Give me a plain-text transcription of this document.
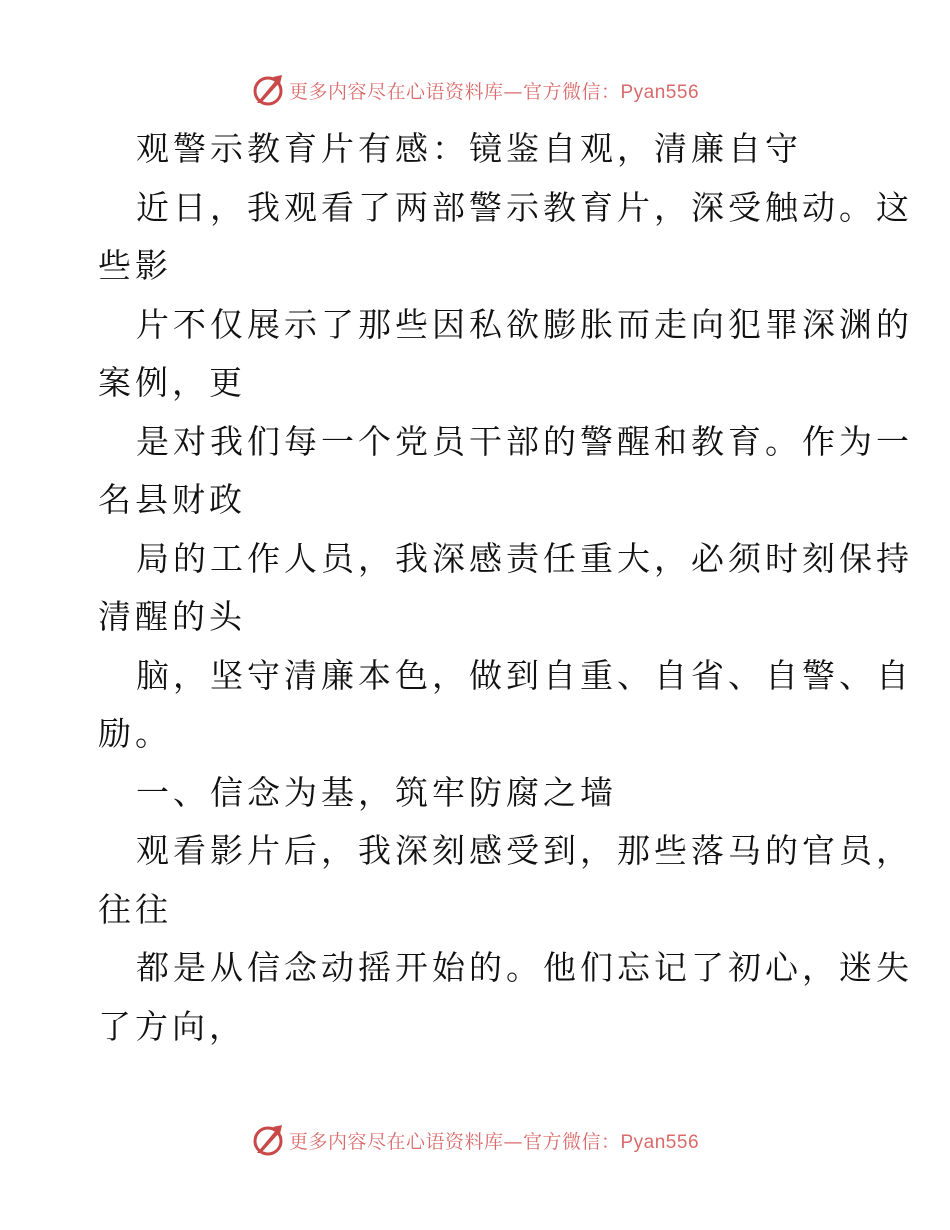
更多内容尽在心语资料库—官方微信：Pyan556
观警示教育片有感：镜鉴自观，清廉自守
近日，我观看了两部警示教育片，深受触动。这
些影
片不仅展示了那些因私欲膨胀而走向犯罪深渊的
案例，更
是对我们每一个党员干部的警醒和教育。作为一
名县财政
局的工作人员，我深感责任重大，必须时刻保持
清醒的头
脑，坚守清廉本色，做到自重、自省、自警、自
励。
一、信念为基，筑牢防腐之墙
观看影片后，我深刻感受到，那些落马的官员，
往往
都是从信念动摇开始的。他们忘记了初心，迷失
了方向，
更多内容尽在心语资料库—官方微信：Pyan556
